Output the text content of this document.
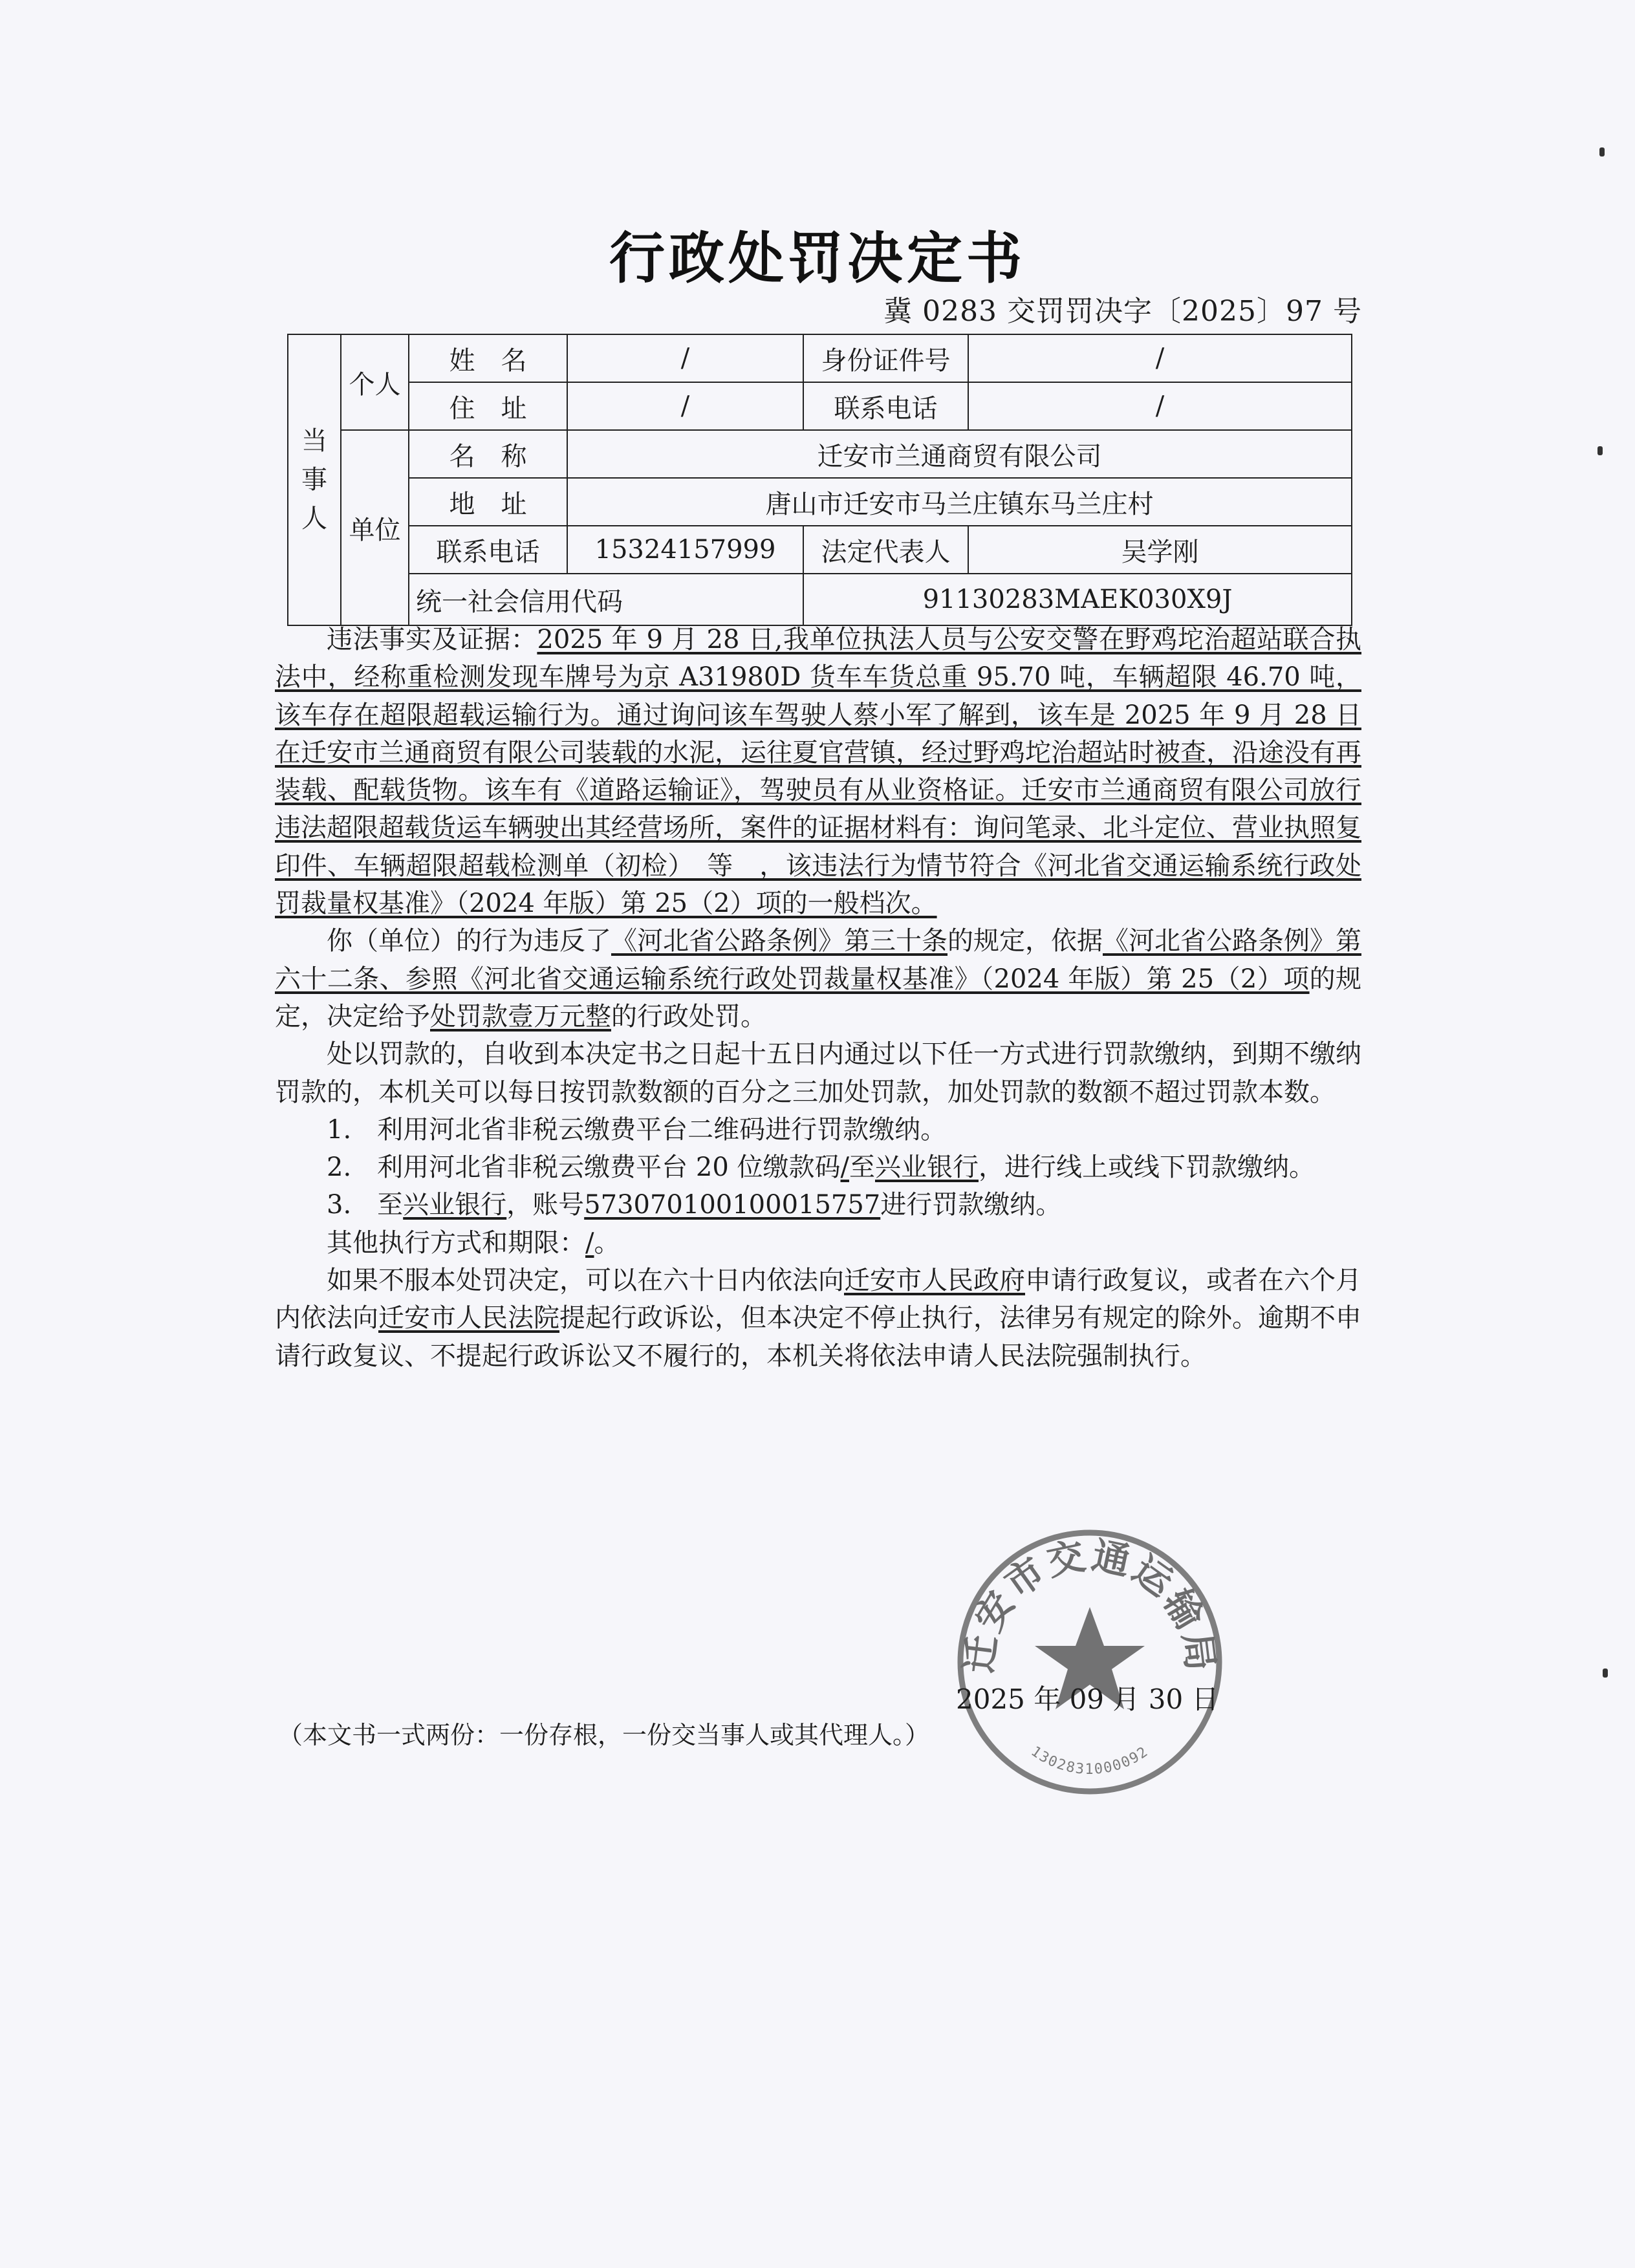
行政处罚决定书
冀 0283 交罚罚决字〔2025〕97 号
当事人	个人	姓　名	/	身份证件号	/
		住　址	/	联系电话	/
	单位	名　称	迁安市兰通商贸有限公司		
		地　址	唐山市迁安市马兰庄镇东马兰庄村		
		联系电话	15324157999	法定代表人	吴学刚
		统一社会信用代码		91130283MAEK030X9J	

违法事实及证据：2025 年 9 月 28 日,我单位执法人员与公安交警在野鸡坨治超站联合执法中，经称重检测发现车牌号为京 A31980D 货车车货总重 95.70 吨，车辆超限 46.70 吨，该车存在超限超载运输行为。通过询问该车驾驶人蔡小军了解到，该车是 2025 年 9 月 28 日在迁安市兰通商贸有限公司装载的水泥，运往夏官营镇，经过野鸡坨治超站时被查，沿途没有再装载、配载货物。该车有《道路运输证》，驾驶员有从业资格证。迁安市兰通商贸有限公司放行违法超限超载货运车辆驶出其经营场所，案件的证据材料有：询问笔录、北斗定位、营业执照复印件、车辆超限超载检测单（初检）　等　，该违法行为情节符合《河北省交通运输系统行政处罚裁量权基准》（2024 年版）第 25（2）项的一般档次。

你（单位）的行为违反了《河北省公路条例》第三十条的规定，依据《河北省公路条例》第六十二条、参照《河北省交通运输系统行政处罚裁量权基准》（2024 年版）第 25（2）项的规定，决定给予处罚款壹万元整的行政处罚。

处以罚款的，自收到本决定书之日起十五日内通过以下任一方式进行罚款缴纳，到期不缴纳罚款的，本机关可以每日按罚款数额的百分之三加处罚款，加处罚款的数额不超过罚款本数。

1.　利用河北省非税云缴费平台二维码进行罚款缴纳。

2.　利用河北省非税云缴费平台 20 位缴款码/至兴业银行，进行线上或线下罚款缴纳。

3.　至兴业银行，账号573070100100015757进行罚款缴纳。

其他执行方式和期限：/。

如果不服本处罚决定，可以在六十日内依法向迁安市人民政府申请行政复议，或者在六个月内依法向迁安市人民法院提起行政诉讼，但本决定不停止执行，法律另有规定的除外。逾期不申请行政复议、不提起行政诉讼又不履行的，本机关将依法申请人民法院强制执行。

迁安市交通运输局
1302831000092
2025 年 09 月 30 日
（本文书一式两份：一份存根，一份交当事人或其代理人。）
